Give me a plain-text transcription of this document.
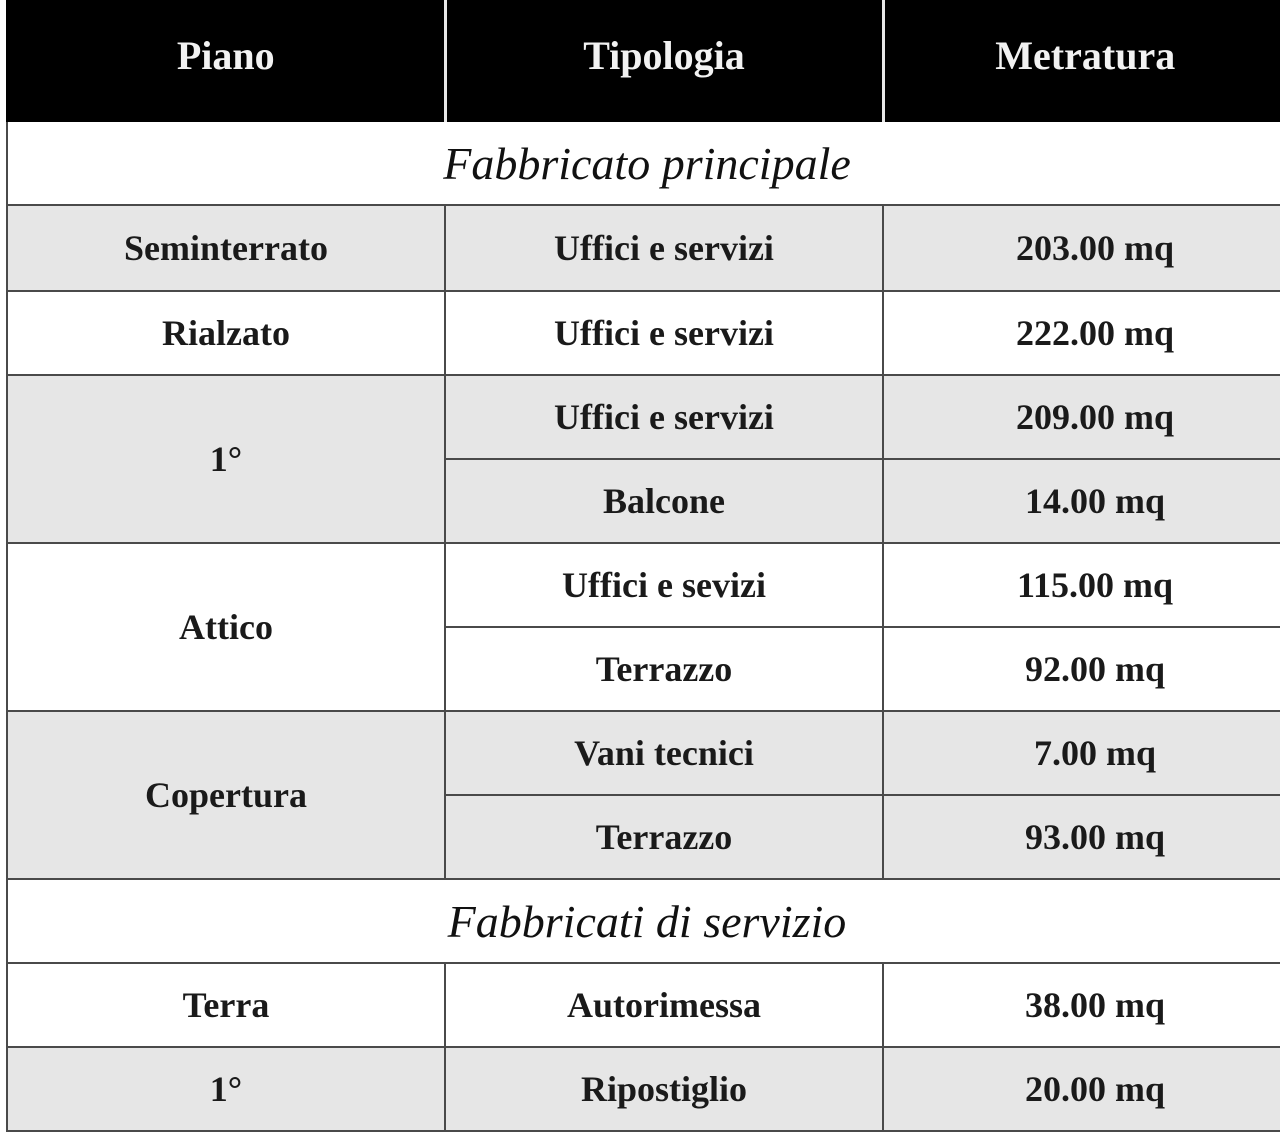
Piano	Tipologia	Metratura
Fabbricato principale		
Seminterrato	Uffici e servizi	203.00 mq
Rialzato	Uffici e servizi	222.00 mq
1°	Uffici e servizi	209.00 mq
	Balcone	14.00 mq
Attico	Uffici e sevizi	115.00 mq
	Terrazzo	92.00 mq
Copertura	Vani tecnici	7.00 mq
	Terrazzo	93.00 mq
Fabbricati di servizio		
Terra	Autorimessa	38.00 mq
1°	Ripostiglio	20.00 mq
